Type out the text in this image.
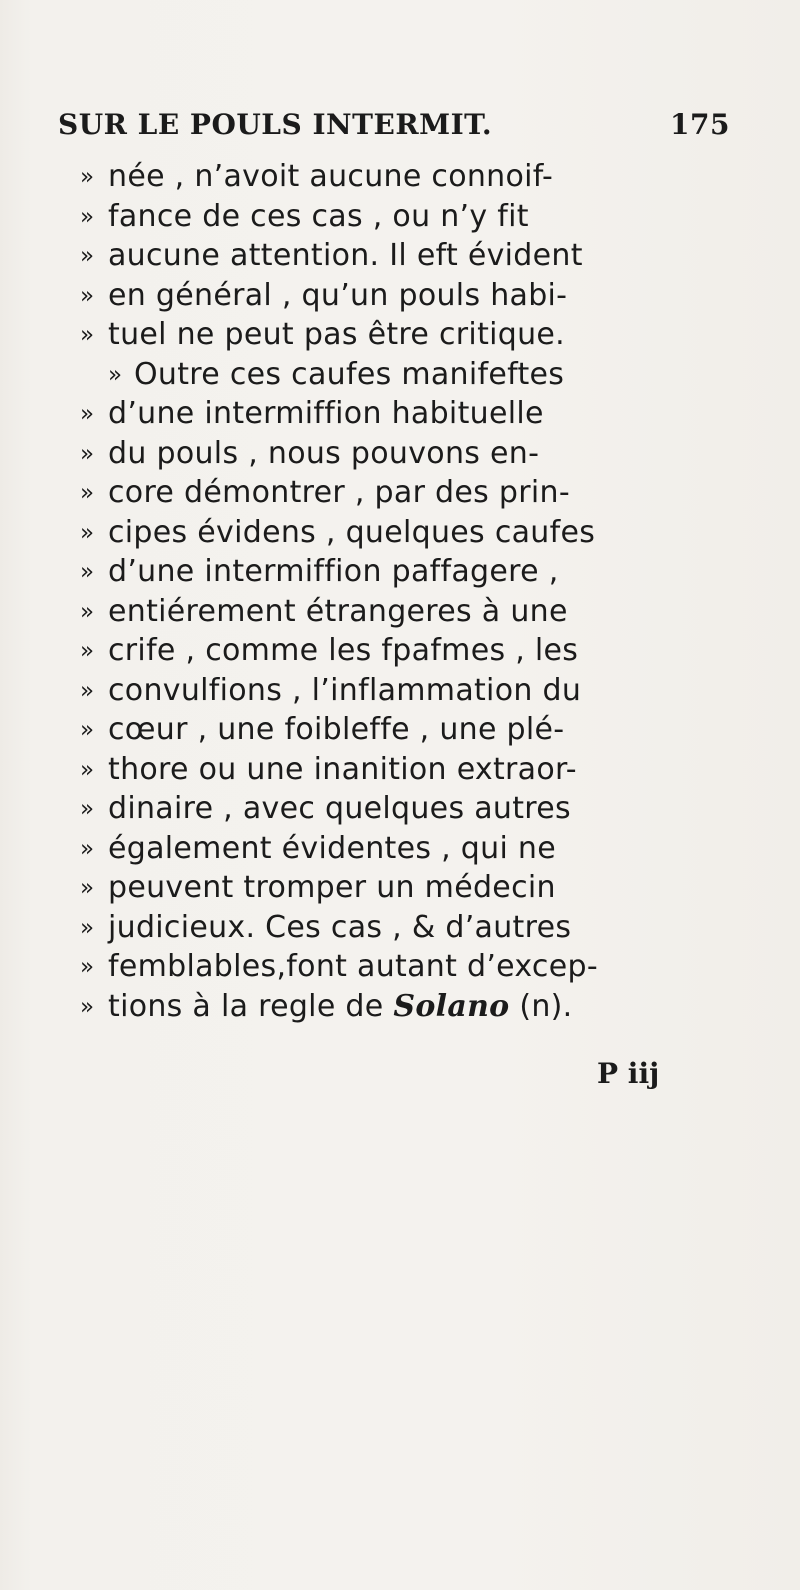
SUR LE POULS INTERMIT.	175
» née , n’avoit aucune connoif-
» fance de ces cas , ou n’y fit
» aucune attention. Il eft évident
» en général , qu’un pouls habi-
» tuel ne peut pas être critique.
» Outre ces caufes manifeftes
» d’une intermiffion habituelle
» du pouls , nous pouvons en-
» core démontrer , par des prin-
» cipes évidens , quelques caufes
» d’une intermiffion paffagere ,
» entiérement étrangeres à une
» crife , comme les fpafmes , les
» convulfions , l’inflammation du
» cœur , une foibleffe , une plé-
» thore ou une inanition extraor-
» dinaire , avec quelques autres
» également évidentes , qui ne
» peuvent tromper un médecin
» judicieux. Ces cas , & d’autres
» femblables,font autant d’excep-
» tions à la regle de Solano (n).
P iij
